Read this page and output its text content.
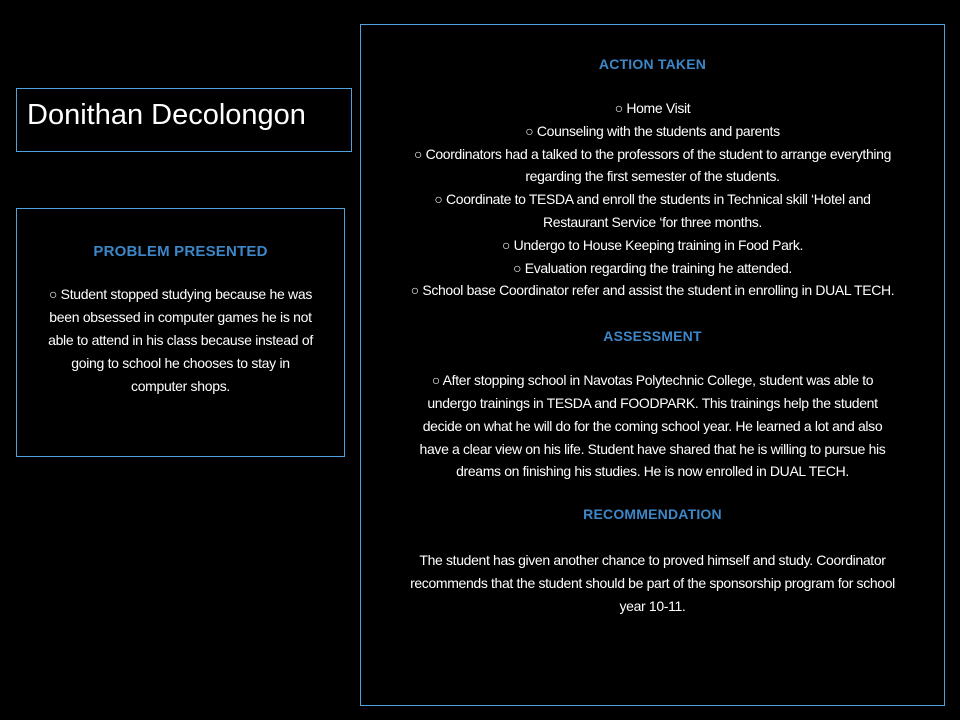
Donithan Decolongon
PROBLEM PRESENTED
○ Student stopped studying because he was
been obsessed in computer games he is not
able to attend in his class because instead of
going to school he chooses to stay in
computer shops.
ACTION TAKEN
○ Home Visit
○ Counseling with the students and parents
○ Coordinators had a talked to the professors of the student to arrange everything
regarding the first semester of the students.
○ Coordinate to TESDA and enroll the students in Technical skill ‘Hotel and
Restaurant Service ‘for three months.
○ Undergo to House Keeping training in Food Park.
○ Evaluation regarding the training he attended.
○ School base Coordinator refer and assist the student in enrolling in DUAL TECH.
ASSESSMENT
○ After stopping school in Navotas Polytechnic College, student was able to
undergo trainings in TESDA and FOODPARK. This trainings help the student
decide on what he will do for the coming school year. He learned a lot and also
have a clear view on his life. Student have shared that he is willing to pursue his
dreams on finishing his studies. He is now enrolled in DUAL TECH.
RECOMMENDATION
The student has given another chance to proved himself and study. Coordinator
recommends that the student should be part of the sponsorship program for school
year 10-11.
